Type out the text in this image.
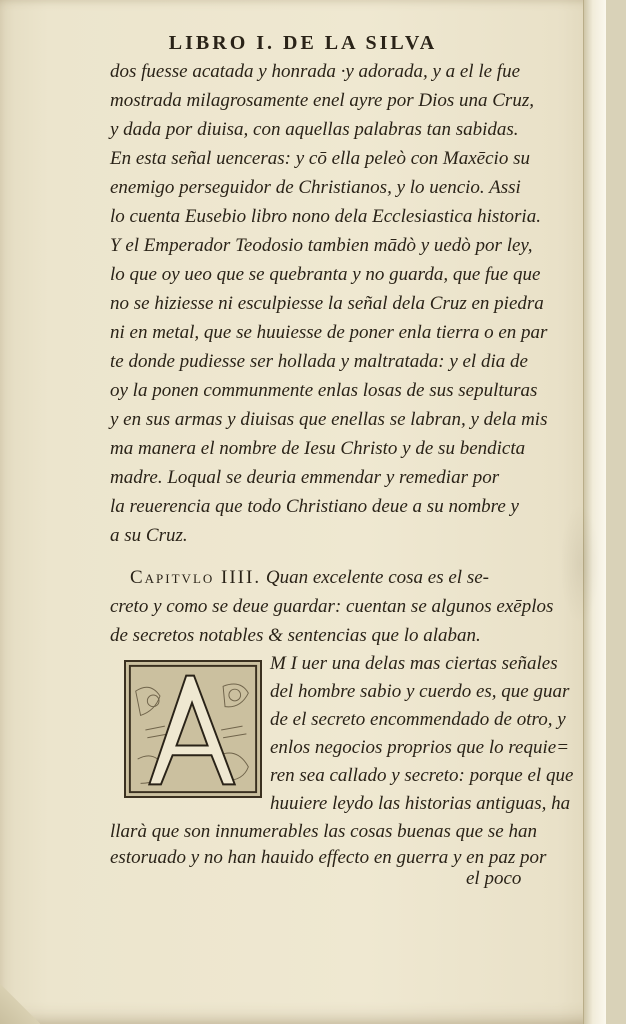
LIBRO I. DE LA SILVA
dos fuesse acatada y honrada ·y adorada, y a el le fue
mostrada milagrosamente enel ayre por Dios una Cruz,
y dada por diuisa, con aquellas palabras tan sabidas.
En esta señal uenceras: y cō ella peleò con Maxēcio su
enemigo perseguidor de Christianos, y lo uencio. Assi
lo cuenta Eusebio libro nono dela Ecclesiastica historia.
Y el Emperador Teodosio tambien mādò y uedò por ley,
lo que oy ueo que se quebranta y no guarda, que fue que
no se hiziesse ni esculpiesse la señal dela Cruz en piedra
ni en metal, que se huuiesse de poner enla tierra o en par
te donde pudiesse ser hollada y maltratada: y el dia de
oy la ponen communmente enlas losas de sus sepulturas
y en sus armas y diuisas que enellas se labran, y dela mis
ma manera el nombre de Iesu Christo y de su bendicta
madre. Loqual se deuria emmendar y remediar por
la reuerencia que todo Christiano deue a su nombre y
a su Cruz.
Capitvlo IIII. Quan excelente cosa es el se-
creto y como se deue guardar: cuentan se algunos exēplos
de secretos notables & sentencias que lo alaban.
M I uer una delas mas ciertas señales
del hombre sabio y cuerdo es, que guar
de el secreto encommendado de otro, y
enlos negocios proprios que lo requie=
ren sea callado y secreto: porque el que
huuiere leydo las historias antiguas, ha
llarà que son innumerables las cosas buenas que se han
estoruado y no han hauido effecto en guerra y en paz por
el poco
